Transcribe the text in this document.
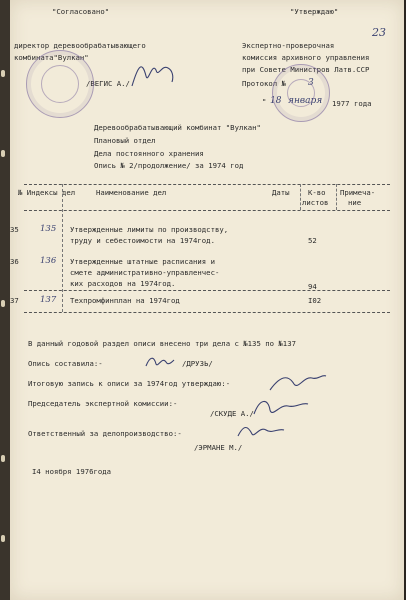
"Согласовано"
директор деревообрабатывающего
комбината"Вулкан"
/ВЕГИС А./
"Утверждаю"
23
Экспертно-проверочная
комиссия архивного управления
при Совете Министров Латв.ССР
Протокол № 3
" 18 января 1977 года
Деревообрабатывающий комбинат "Вулкан"
Плановый отдел
Дела постоянного хранения
Опись № 2/продолжение/ за 1974 год
№ Индексы дел	Наименование дел	Даты	К-во
листов
Примеча-
ние
35 135 Утвержденные лимиты по производству,
труду и себестоимости на 1974год.	52
36 136 Утвержденные штатные расписания и
смете административно-управленчес-
ких расходов на 1974год.	94
37 137 Техпромфинплан на 1974год	I02
В данный годовой раздел описи внесено три дела с №135 по №137
Опись составила:-	/ДРУЗЬ/
Итоговую запись к описи за 1974год утверждаю:-
Председатель экспертной комиссии:-
/СКУДЕ А./
Ответственный за делопроизводство:-
/ЭРМАНЕ М./
I4 ноября 1976года
